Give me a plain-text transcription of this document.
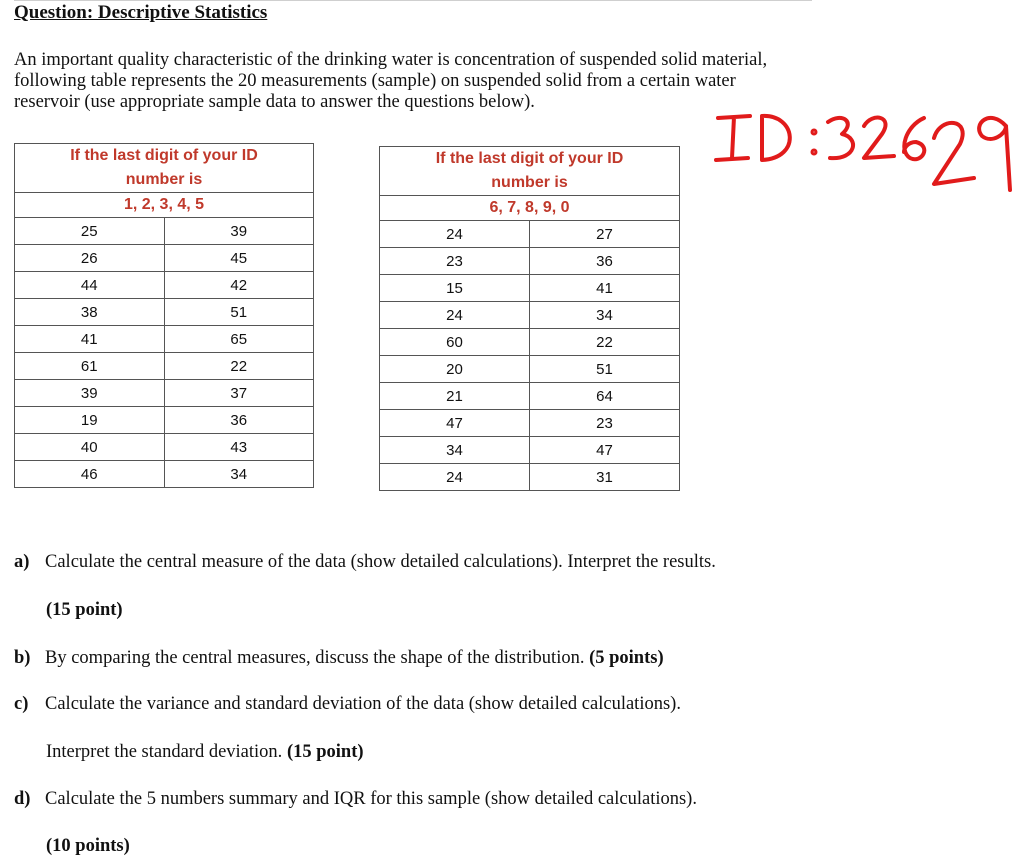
Question: Descriptive Statistics
An important quality characteristic of the drinking water is concentration of suspended solid material, following table represents the 20 measurements (sample) on suspended solid from a certain water reservoir (use appropriate sample data to answer the questions below).
If the last digit of your ID
number is	

1, 2, 3, 4, 5	
25	39
26	45
44	42
38	51
41	65
61	22
39	37
19	36
40	43
46	34
If the last digit of your ID
number is	

6, 7, 8, 9, 0	
24	27
23	36
15	41
24	34
60	22
20	51
21	64
47	23
34	47
24	31
a) Calculate the central measure of the data (show detailed calculations). Interpret the results.
(15 point)
b) By comparing the central measures, discuss the shape of the distribution. (5 points)
c) Calculate the variance and standard deviation of the data (show detailed calculations).
Interpret the standard deviation. (15 point)
d) Calculate the 5 numbers summary and IQR for this sample (show detailed calculations).
(10 points)
